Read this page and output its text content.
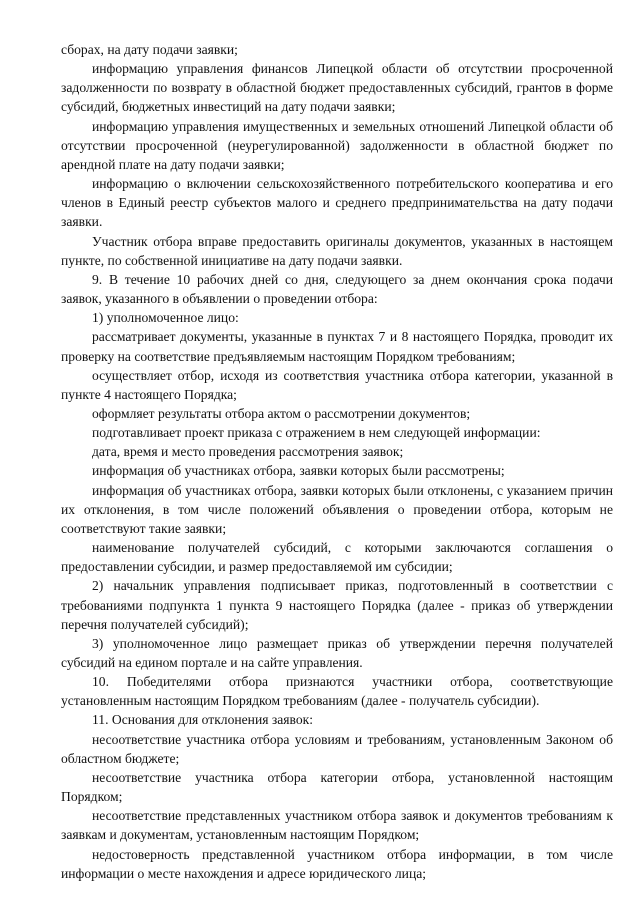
сборах, на дату подачи заявки;

информацию управления финансов Липецкой области об отсутствии просроченной задолженности по возврату в областной бюджет предоставленных субсидий, грантов в форме субсидий, бюджетных инвестиций на дату подачи заявки;

информацию управления имущественных и земельных отношений Липецкой области об отсутствии просроченной (неурегулированной) задолженности в областной бюджет по арендной плате на дату подачи заявки;

информацию о включении сельскохозяйственного потребительского кооператива и его членов в Единый реестр субъектов малого и среднего предпринимательства на дату подачи заявки.

Участник отбора вправе предоставить оригиналы документов, указанных в настоящем пункте, по собственной инициативе на дату подачи заявки.

9. В течение 10 рабочих дней со дня, следующего за днем окончания срока подачи заявок, указанного в объявлении о проведении отбора:

1) уполномоченное лицо:

рассматривает документы, указанные в пунктах 7 и 8 настоящего Порядка, проводит их проверку на соответствие предъявляемым настоящим Порядком требованиям;

осуществляет отбор, исходя из соответствия участника отбора категории, указанной в пункте 4 настоящего Порядка;

оформляет результаты отбора актом о рассмотрении документов;

подготавливает проект приказа с отражением в нем следующей информации:

дата, время и место проведения рассмотрения заявок;

информация об участниках отбора, заявки которых были рассмотрены;

информация об участниках отбора, заявки которых были отклонены, с указанием причин их отклонения, в том числе положений объявления о проведении отбора, которым не соответствуют такие заявки;

наименование получателей субсидий, с которыми заключаются соглашения о предоставлении субсидии, и размер предоставляемой им субсидии;

2) начальник управления подписывает приказ, подготовленный в соответствии с требованиями подпункта 1 пункта 9 настоящего Порядка (далее - приказ об утверждении перечня получателей субсидий);

3) уполномоченное лицо размещает приказ об утверждении перечня получателей субсидий на едином портале и на сайте управления.

10. Победителями отбора признаются участники отбора, соответствующие установленным настоящим Порядком требованиям (далее - получатель субсидии).

11. Основания для отклонения заявок:

несоответствие участника отбора условиям и требованиям, установленным Законом об областном бюджете;

несоответствие участника отбора категории отбора, установленной настоящим Порядком;

несоответствие представленных участником отбора заявок и документов требованиям к заявкам и документам, установленным настоящим Порядком;

недостоверность представленной участником отбора информации, в том числе информации о месте нахождения и адресе юридического лица;
